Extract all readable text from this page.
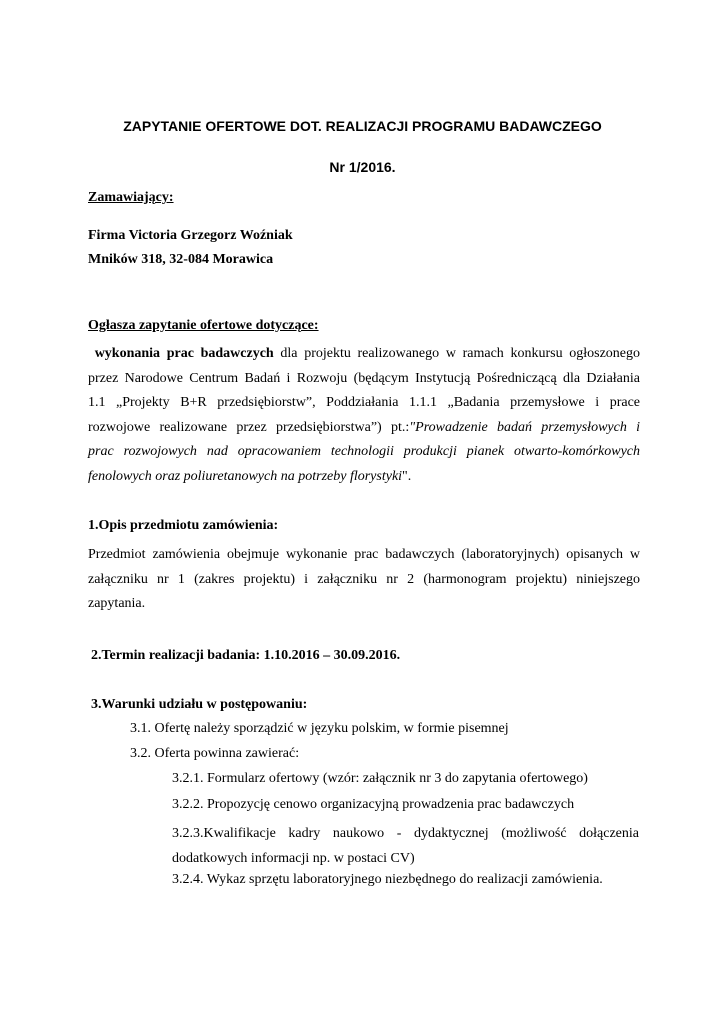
ZAPYTANIE OFERTOWE DOT. REALIZACJI PROGRAMU BADAWCZEGO
Nr 1/2016.
Zamawiający:
Firma Victoria Grzegorz Woźniak
Mników 318, 32-084 Morawica
Ogłasza zapytanie ofertowe dotyczące:
wykonania prac badawczych dla projektu realizowanego w ramach konkursu ogłoszonego
przez Narodowe Centrum Badań i Rozwoju (będącym Instytucją Pośredniczącą dla Działania
1.1 „Projekty B+R przedsiębiorstw”, Poddziałania 1.1.1 „Badania przemysłowe i prace
rozwojowe realizowane przez przedsiębiorstwa”) pt.:"Prowadzenie badań przemysłowych i
prac rozwojowych nad opracowaniem technologii produkcji pianek otwarto-komórkowych
fenolowych oraz poliuretanowych na potrzeby florystyki".
1.Opis przedmiotu zamówienia:
Przedmiot zamówienia obejmuje wykonanie prac badawczych (laboratoryjnych) opisanych w
załączniku nr 1 (zakres projektu) i załączniku nr 2 (harmonogram projektu) niniejszego
zapytania.
2.Termin realizacji badania: 1.10.2016 – 30.09.2016.
3.Warunki udziału w postępowaniu:
3.1. Ofertę należy sporządzić w języku polskim, w formie pisemnej
3.2. Oferta powinna zawierać:
3.2.1. Formularz ofertowy (wzór: załącznik nr 3 do zapytania ofertowego)
3.2.2. Propozycję cenowo organizacyjną prowadzenia prac badawczych
3.2.3.Kwalifikacje kadry naukowo - dydaktycznej (możliwość dołączenia
dodatkowych informacji np. w postaci CV)
3.2.4. Wykaz sprzętu laboratoryjnego niezbędnego do realizacji zamówienia.
